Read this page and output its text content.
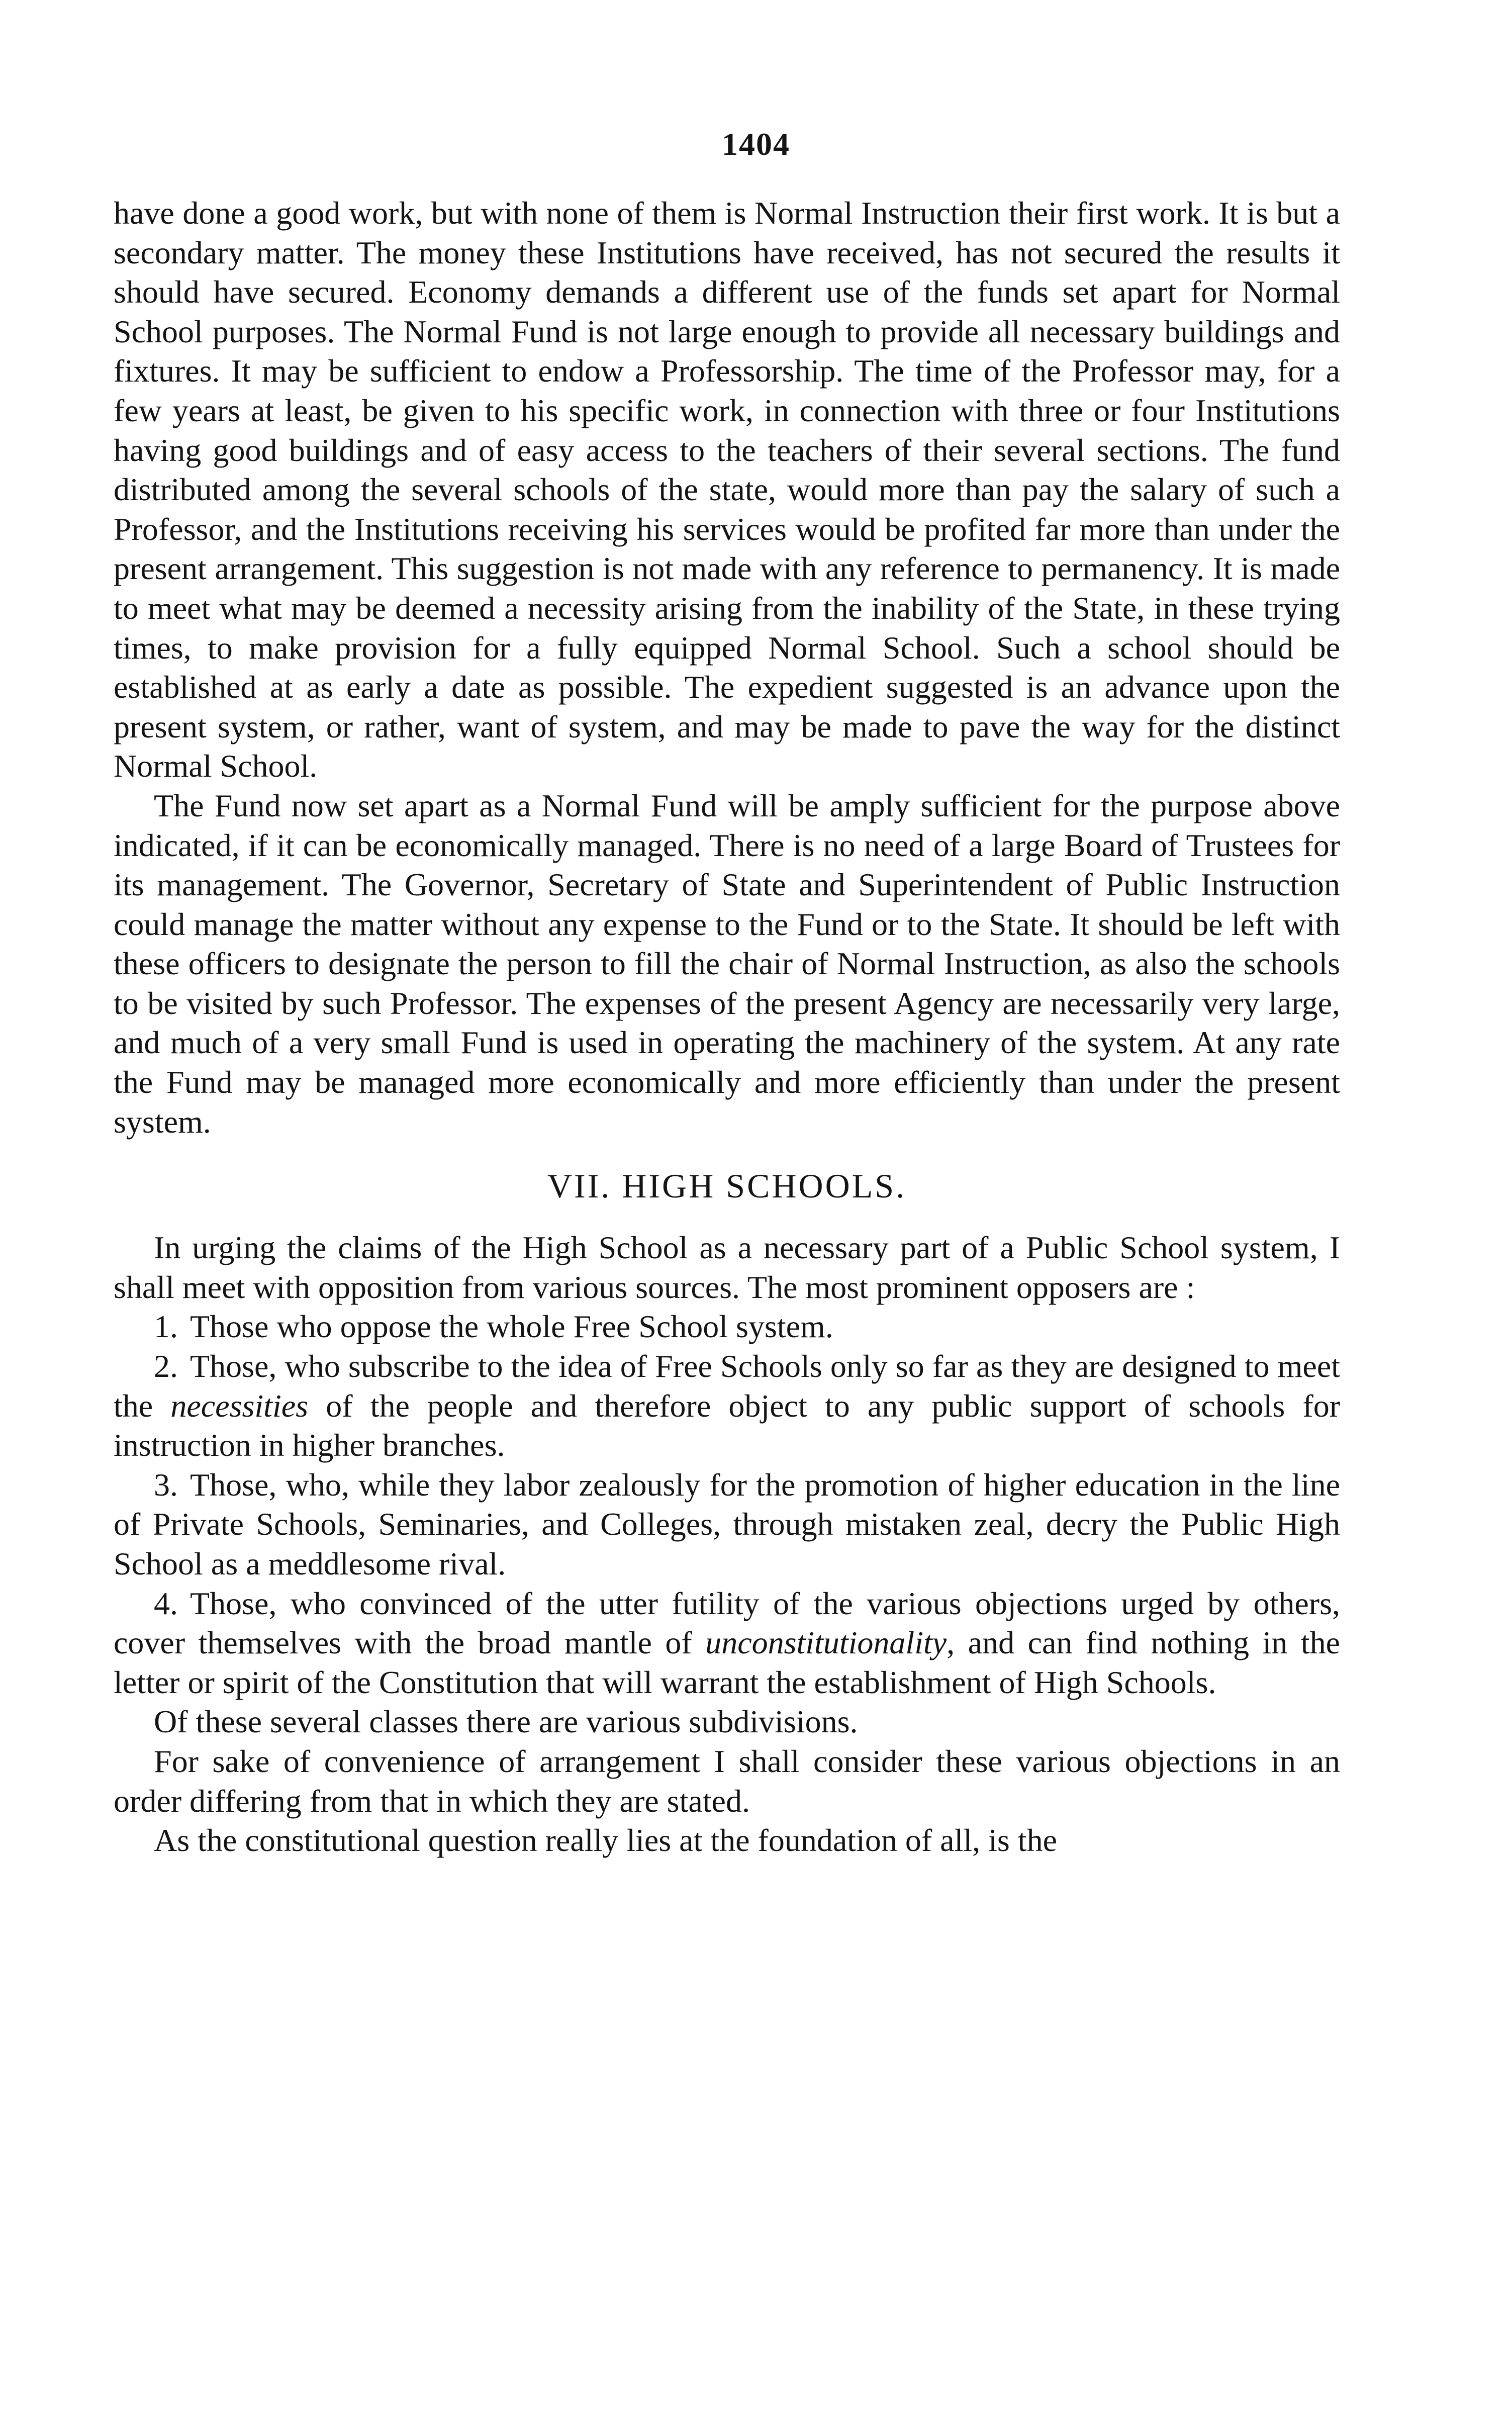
1404

have done a good work, but with none of them is Normal Instruction their first work. It is but a secondary matter. The money these Institutions have received, has not secured the results it should have secured. Economy demands a different use of the funds set apart for Normal School purposes. The Normal Fund is not large enough to provide all necessary buildings and fixtures. It may be sufficient to endow a Professorship. The time of the Professor may, for a few years at least, be given to his specific work, in connection with three or four Institutions having good buildings and of easy access to the teachers of their several sections. The fund distributed among the several schools of the state, would more than pay the salary of such a Professor, and the Institutions receiving his services would be profited far more than under the present arrangement. This suggestion is not made with any reference to permanency. It is made to meet what may be deemed a necessity arising from the inability of the State, in these trying times, to make provision for a fully equipped Normal School. Such a school should be established at as early a date as possible. The expedient suggested is an advance upon the present system, or rather, want of system, and may be made to pave the way for the distinct Normal School.

The Fund now set apart as a Normal Fund will be amply sufficient for the purpose above indicated, if it can be economically managed. There is no need of a large Board of Trustees for its management. The Governor, Secretary of State and Superintendent of Public Instruction could manage the matter without any expense to the Fund or to the State. It should be left with these officers to designate the person to fill the chair of Normal Instruction, as also the schools to be visited by such Professor. The expenses of the present Agency are necessarily very large, and much of a very small Fund is used in operating the machinery of the system. At any rate the Fund may be managed more economically and more efficiently than under the present system.

VII. HIGH SCHOOLS.

In urging the claims of the High School as a necessary part of a Public School system, I shall meet with opposition from various sources. The most prominent opposers are :

1. Those who oppose the whole Free School system.

2. Those, who subscribe to the idea of Free Schools only so far as they are designed to meet the necessities of the people and therefore object to any public support of schools for instruction in higher branches.

3. Those, who, while they labor zealously for the promotion of higher education in the line of Private Schools, Seminaries, and Colleges, through mistaken zeal, decry the Public High School as a meddlesome rival.

4. Those, who convinced of the utter futility of the various objections urged by others, cover themselves with the broad mantle of unconstitutionality, and can find nothing in the letter or spirit of the Constitution that will warrant the establishment of High Schools.

Of these several classes there are various subdivisions.

For sake of convenience of arrangement I shall consider these various objections in an order differing from that in which they are stated.

As the constitutional question really lies at the foundation of all, is the
